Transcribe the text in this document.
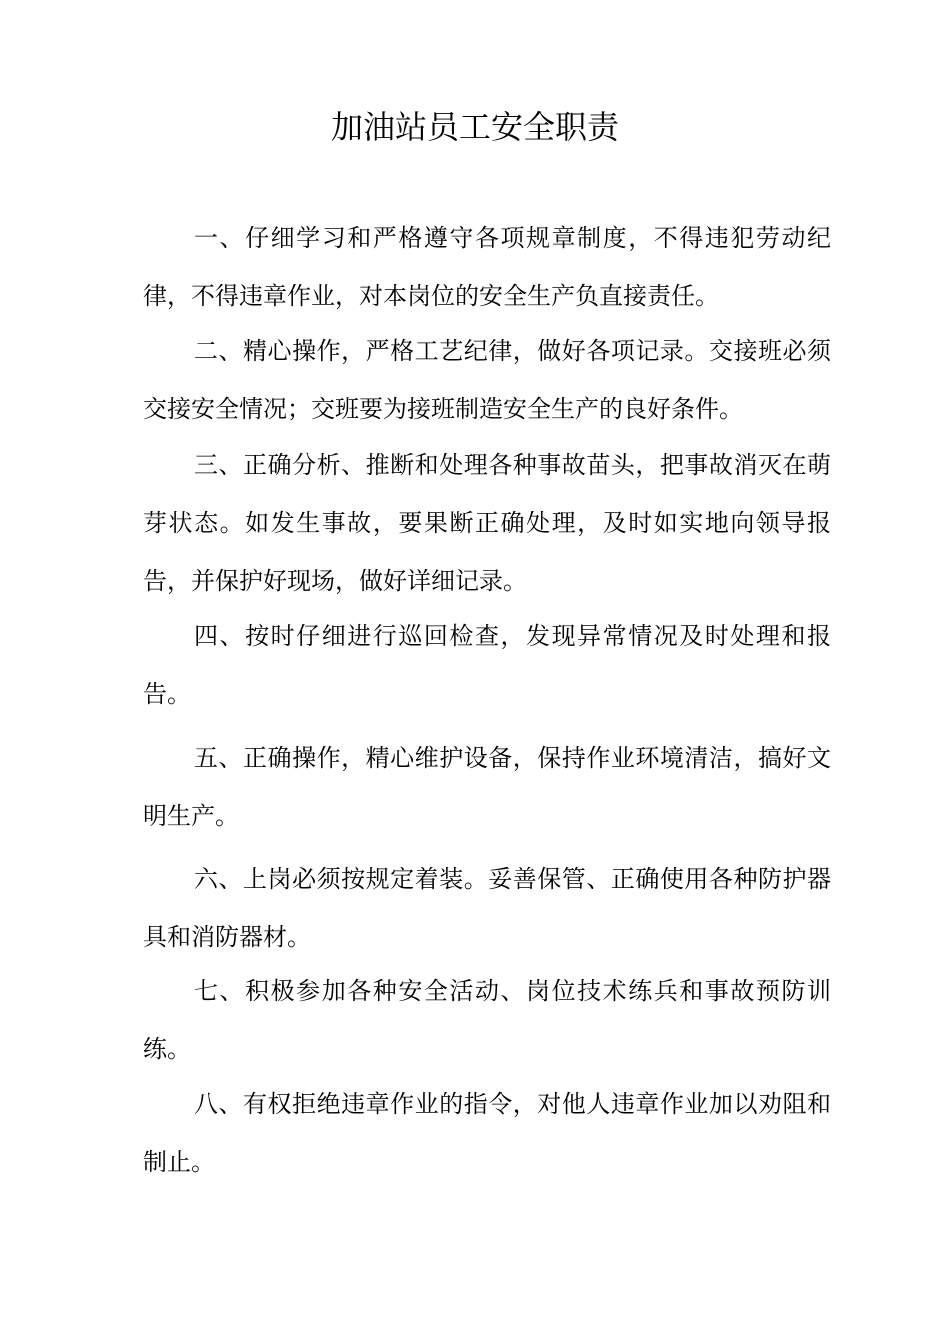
加油站员工安全职责

一、仔细学习和严格遵守各项规章制度，不得违犯劳动纪律，不得违章作业，对本岗位的安全生产负直接责任。

二、精心操作，严格工艺纪律，做好各项记录。交接班必须交接安全情况；交班要为接班制造安全生产的良好条件。

三、正确分析、推断和处理各种事故苗头，把事故消灭在萌芽状态。如发生事故，要果断正确处理，及时如实地向领导报告，并保护好现场，做好详细记录。

四、按时仔细进行巡回检查，发现异常情况及时处理和报告。

五、正确操作，精心维护设备，保持作业环境清洁，搞好文明生产。

六、上岗必须按规定着装。妥善保管、正确使用各种防护器具和消防器材。

七、积极参加各种安全活动、岗位技术练兵和事故预防训练。

八、有权拒绝违章作业的指令，对他人违章作业加以劝阻和制止。
